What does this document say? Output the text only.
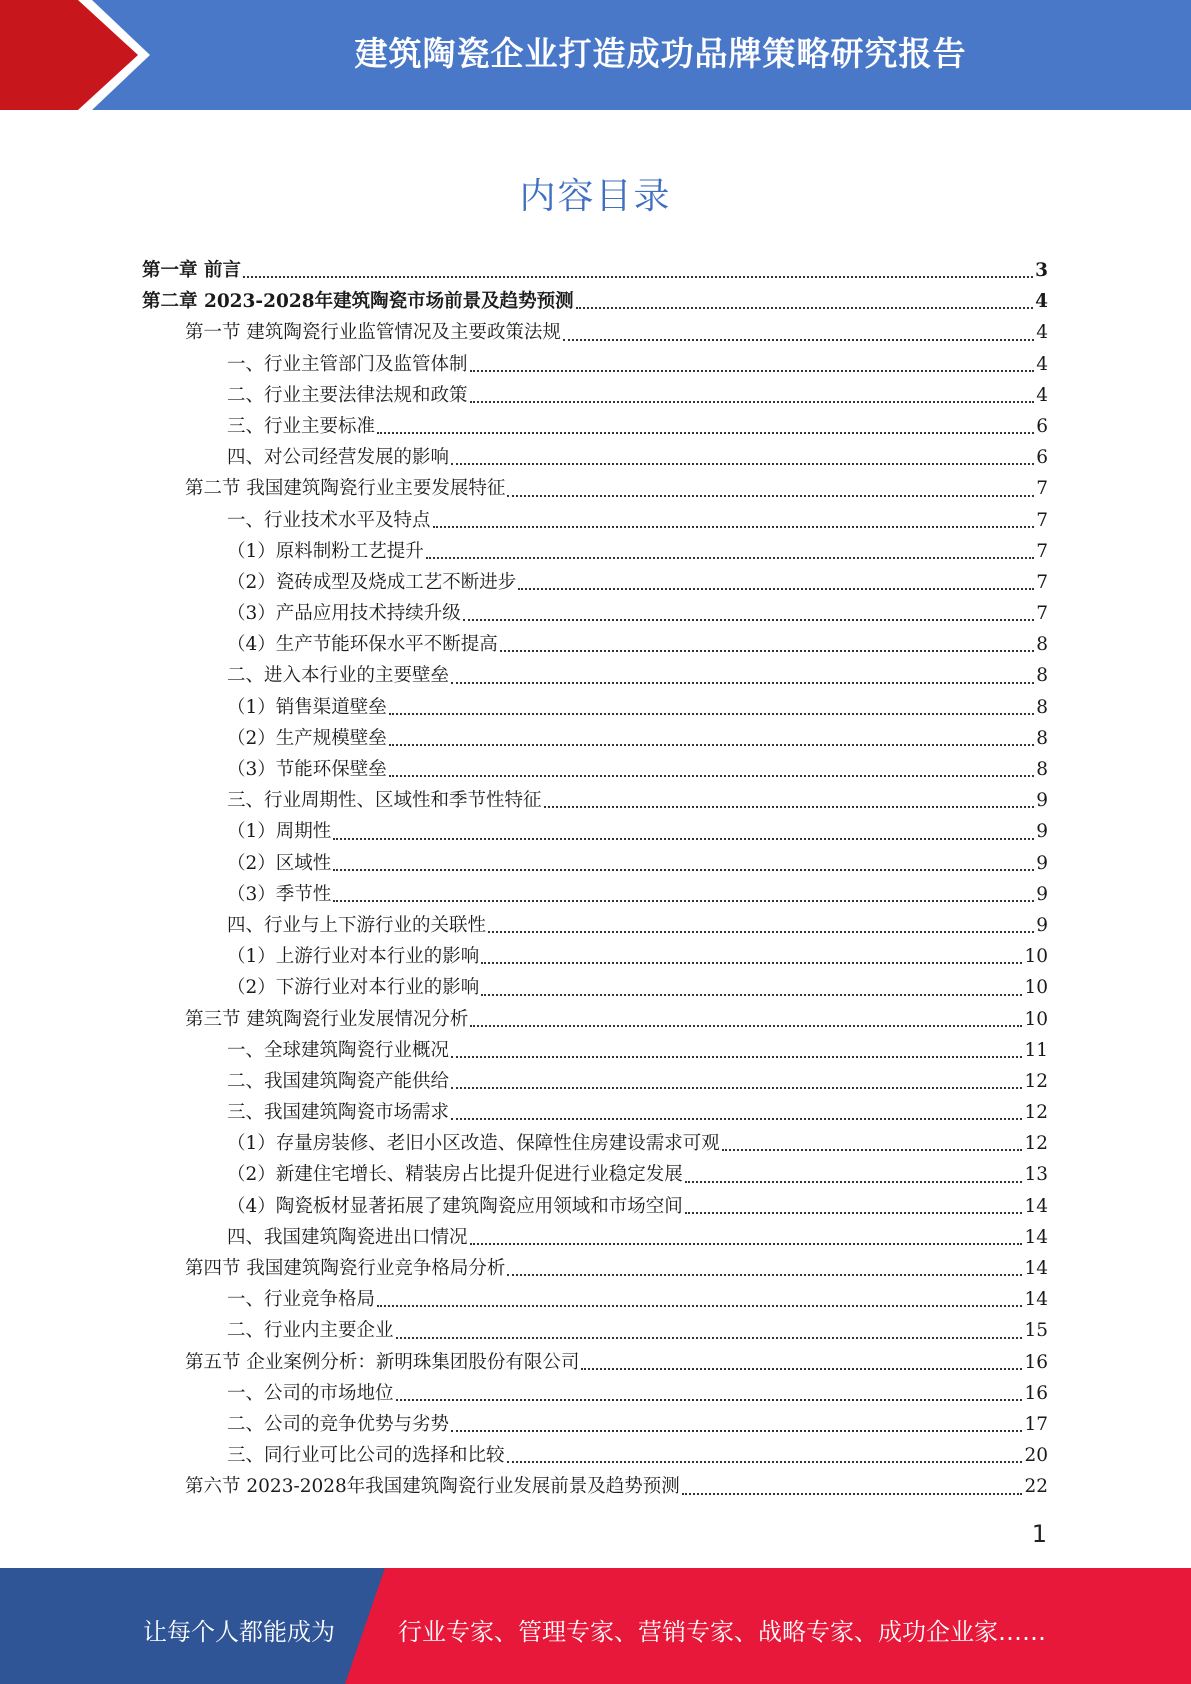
建筑陶瓷企业打造成功品牌策略研究报告
内容目录
第一章 前言	3
第二章 2023-2028年建筑陶瓷市场前景及趋势预测	4
第一节 建筑陶瓷行业监管情况及主要政策法规	4
一、行业主管部门及监管体制	4
二、行业主要法律法规和政策	4
三、行业主要标准	6
四、对公司经营发展的影响	6
第二节 我国建筑陶瓷行业主要发展特征	7
一、行业技术水平及特点	7
（1）原料制粉工艺提升	7
（2）瓷砖成型及烧成工艺不断进步	7
（3）产品应用技术持续升级	7
（4）生产节能环保水平不断提高	8
二、进入本行业的主要壁垒	8
（1）销售渠道壁垒	8
（2）生产规模壁垒	8
（3）节能环保壁垒	8
三、行业周期性、区域性和季节性特征	9
（1）周期性	9
（2）区域性	9
（3）季节性	9
四、行业与上下游行业的关联性	9
（1）上游行业对本行业的影响	10
（2）下游行业对本行业的影响	10
第三节 建筑陶瓷行业发展情况分析	10
一、全球建筑陶瓷行业概况	11
二、我国建筑陶瓷产能供给	12
三、我国建筑陶瓷市场需求	12
（1）存量房装修、老旧小区改造、保障性住房建设需求可观	12
（2）新建住宅增长、精装房占比提升促进行业稳定发展	13
（4）陶瓷板材显著拓展了建筑陶瓷应用领域和市场空间	14
四、我国建筑陶瓷进出口情况	14
第四节 我国建筑陶瓷行业竞争格局分析	14
一、行业竞争格局	14
二、行业内主要企业	15
第五节 企业案例分析：新明珠集团股份有限公司	16
一、公司的市场地位	16
二、公司的竞争优势与劣势	17
三、同行业可比公司的选择和比较	20
第六节 2023-2028年我国建筑陶瓷行业发展前景及趋势预测	22
1
让每个人都能成为	行业专家、管理专家、营销专家、战略专家、成功企业家……
